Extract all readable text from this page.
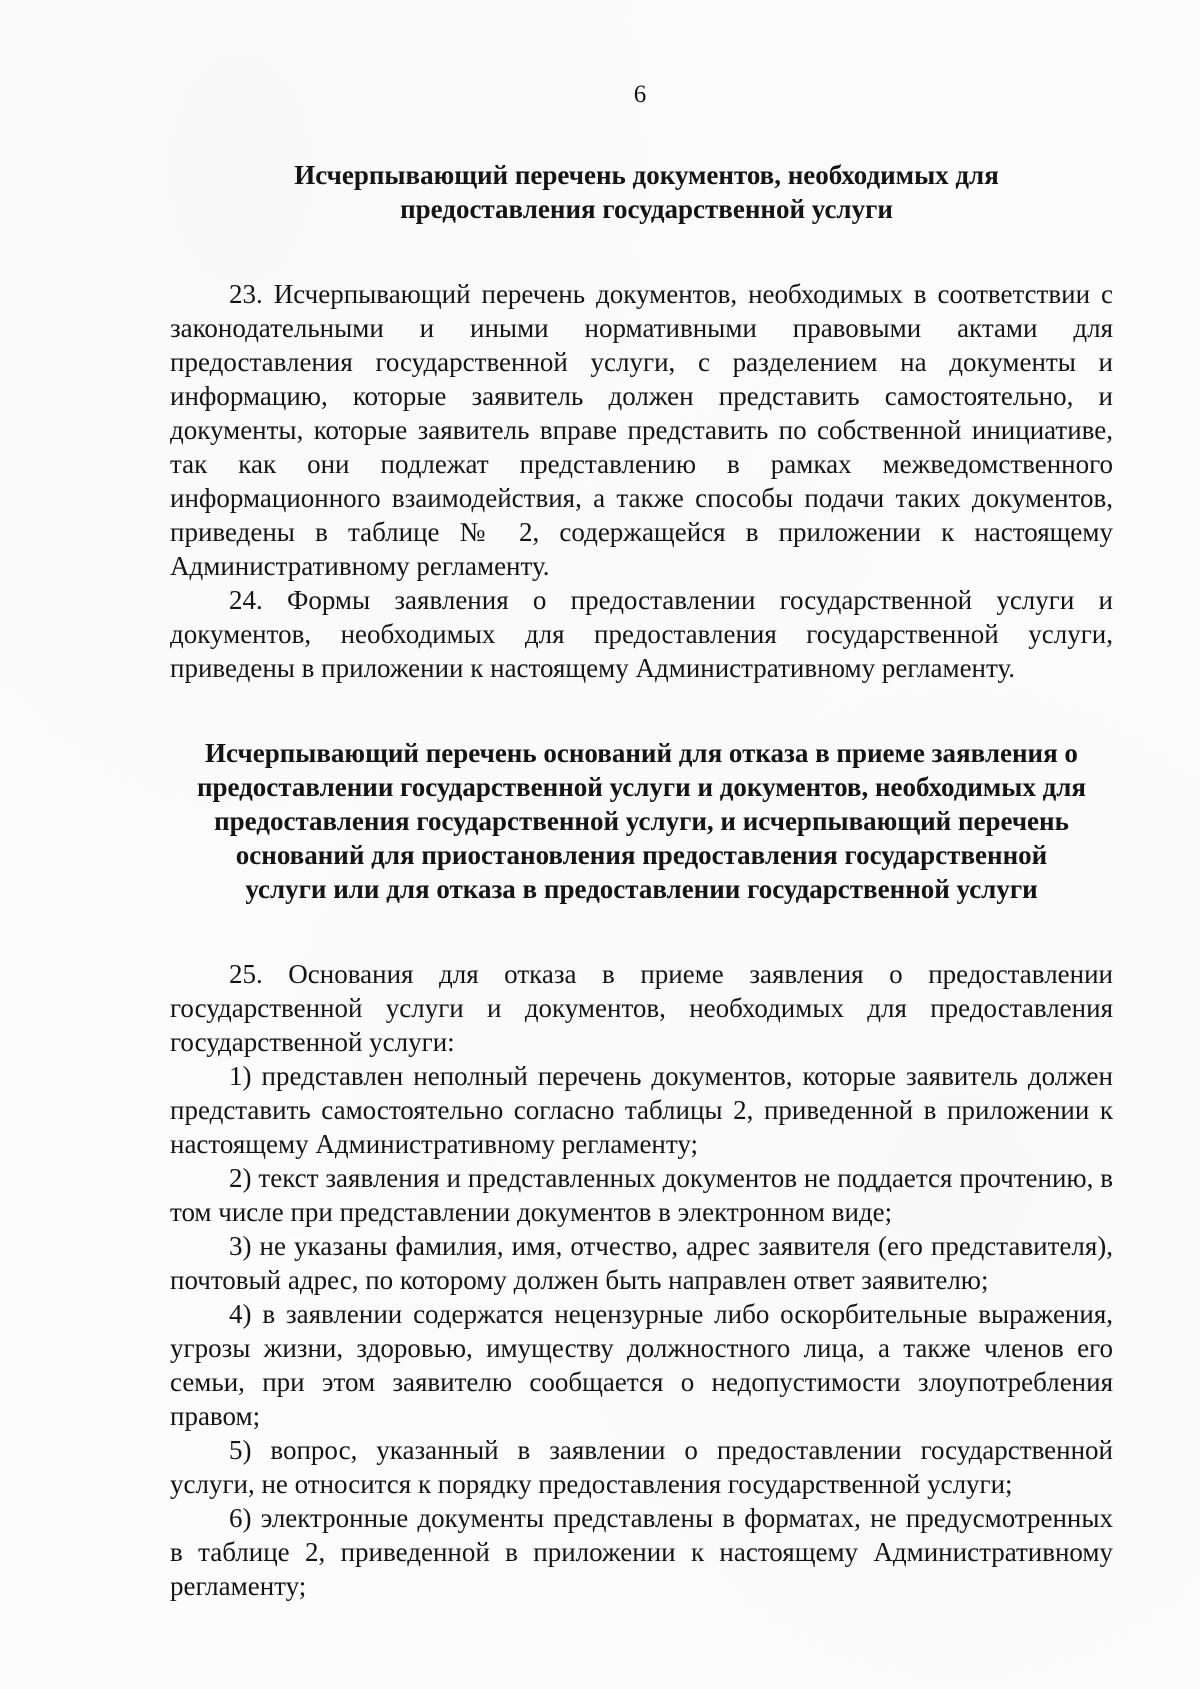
6
Исчерпывающий перечень документов, необходимых для
предоставления государственной услуги

23. Исчерпывающий перечень документов, необходимых в соответствии с законодательными и иными нормативными правовыми актами для предоставления государственной услуги, с разделением на документы и информацию, которые заявитель должен представить самостоятельно, и документы, которые заявитель вправе представить по собственной инициативе, так как они подлежат представлению в рамках межведомственного информационного взаимодействия, а также способы подачи таких документов, приведены в таблице № 2, содержащейся в приложении к настоящему Административному регламенту.

24. Формы заявления о предоставлении государственной услуги и документов, необходимых для предоставления государственной услуги, приведены в приложении к настоящему Административному регламенту.

Исчерпывающий перечень оснований для отказа в приеме заявления о
предоставлении государственной услуги и документов, необходимых для
предоставления государственной услуги, и исчерпывающий перечень
оснований для приостановления предоставления государственной
услуги или для отказа в предоставлении государственной услуги

25. Основания для отказа в приеме заявления о предоставлении государственной услуги и документов, необходимых для предоставления государственной услуги:

1) представлен неполный перечень документов, которые заявитель должен представить самостоятельно согласно таблицы 2, приведенной в приложении к настоящему Административному регламенту;

2) текст заявления и представленных документов не поддается прочтению, в том числе при представлении документов в электронном виде;

3) не указаны фамилия, имя, отчество, адрес заявителя (его представителя), почтовый адрес, по которому должен быть направлен ответ заявителю;

4) в заявлении содержатся нецензурные либо оскорбительные выражения, угрозы жизни, здоровью, имуществу должностного лица, а также членов его семьи, при этом заявителю сообщается о недопустимости злоупотребления правом;

5) вопрос, указанный в заявлении о предоставлении государственной услуги, не относится к порядку предоставления государственной услуги;

6) электронные документы представлены в форматах, не предусмотренных в таблице 2, приведенной в приложении к настоящему Административному регламенту;
